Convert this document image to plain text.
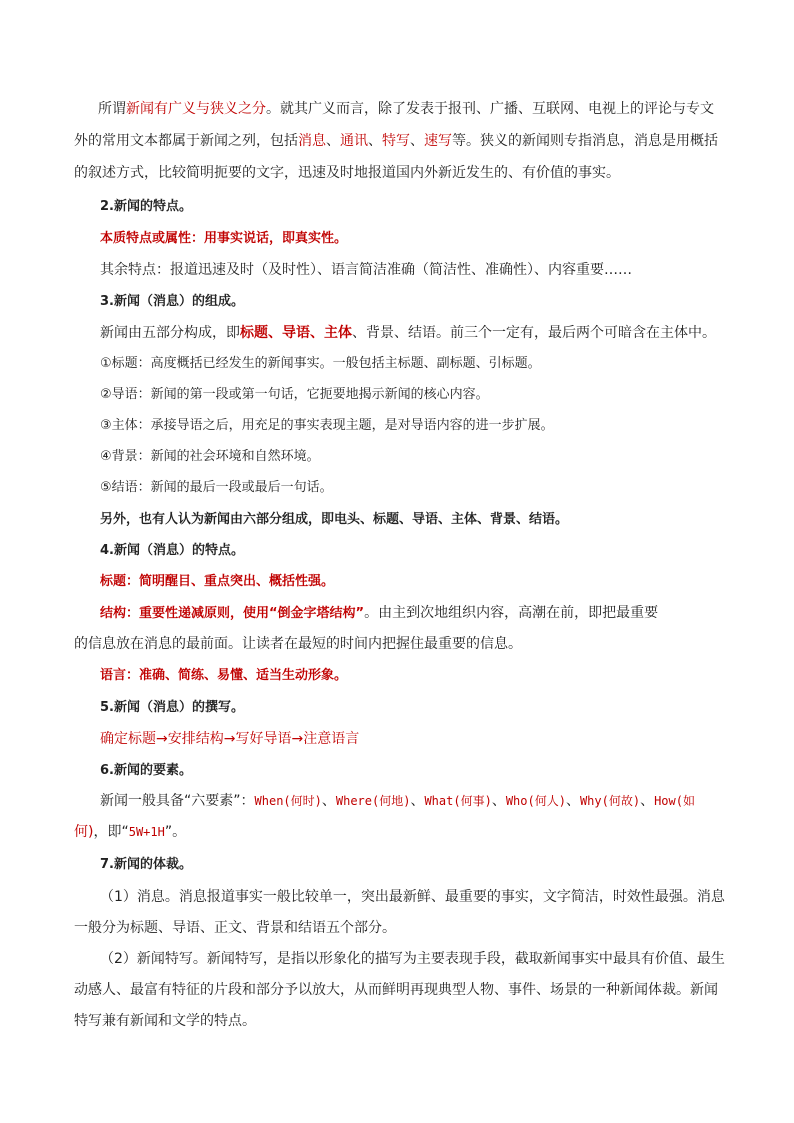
所谓新闻有广义与狭义之分。就其广义而言，除了发表于报刊、广播、互联网、电视上的评论与专文
外的常用文本都属于新闻之列，包括消息、通讯、特写、速写等。狭义的新闻则专指消息，消息是用概括
的叙述方式，比较简明扼要的文字，迅速及时地报道国内外新近发生的、有价值的事实。
2.新闻的特点。
本质特点或属性：用事实说话，即真实性。
其余特点：报道迅速及时（及时性）、语言简洁准确（简洁性、准确性）、内容重要……
3.新闻（消息）的组成。
新闻由五部分构成，即标题、导语、主体、背景、结语。前三个一定有，最后两个可暗含在主体中。
①标题：高度概括已经发生的新闻事实。一般包括主标题、副标题、引标题。
②导语：新闻的第一段或第一句话，它扼要地揭示新闻的核心内容。
③主体：承接导语之后，用充足的事实表现主题，是对导语内容的进一步扩展。
④背景：新闻的社会环境和自然环境。
⑤结语：新闻的最后一段或最后一句话。
另外，也有人认为新闻由六部分组成，即电头、标题、导语、主体、背景、结语。
4.新闻（消息）的特点。
标题：简明醒目、重点突出、概括性强。
结构：重要性递减原则，使用“倒金字塔结构”。由主到次地组织内容，高潮在前，即把最重要
的信息放在消息的最前面。让读者在最短的时间内把握住最重要的信息。
语言：准确、简练、易懂、适当生动形象。
5.新闻（消息）的撰写。
确定标题→安排结构→写好导语→注意语言
6.新闻的要素。
新闻一般具备“六要素”：When(何时)、Where(何地)、What(何事)、Who(何人)、Why(何故)、How(如
何)，即“5W+1H”。
7.新闻的体裁。
（1）消息。消息报道事实一般比较单一，突出最新鲜、最重要的事实，文字简洁，时效性最强。消息
一般分为标题、导语、正文、背景和结语五个部分。
（2）新闻特写。新闻特写，是指以形象化的描写为主要表现手段，截取新闻事实中最具有价值、最生
动感人、最富有特征的片段和部分予以放大，从而鲜明再现典型人物、事件、场景的一种新闻体裁。新闻
特写兼有新闻和文学的特点。
